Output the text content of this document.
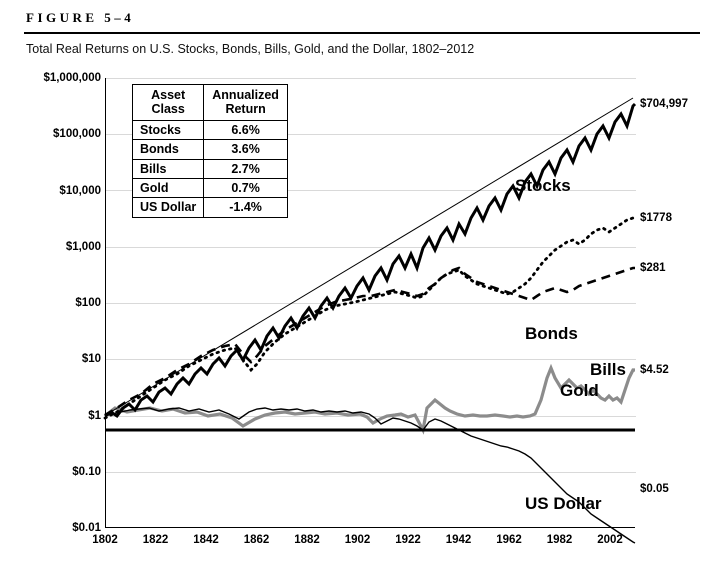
FIGURE 5–4
Total Real Returns on U.S. Stocks, Bonds, Bills, Gold, and the Dollar, 1802–2012
$1,000,000
$100,000
$10,000
$1,000
$100
$10
$1
$0.10
$0.01
Stocks
Bonds
Bills
Gold
US Dollar
$704,997
$1778
$281
$4.52
$0.05
1802 1822 1842 1862 1882 1902 1922 1942 1962 1982 2002
Asset
Class

Annualized
Return

Stocks	6.6%
Bonds	3.6%
Bills	2.7%
Gold	0.7%
US Dollar	-1.4%
